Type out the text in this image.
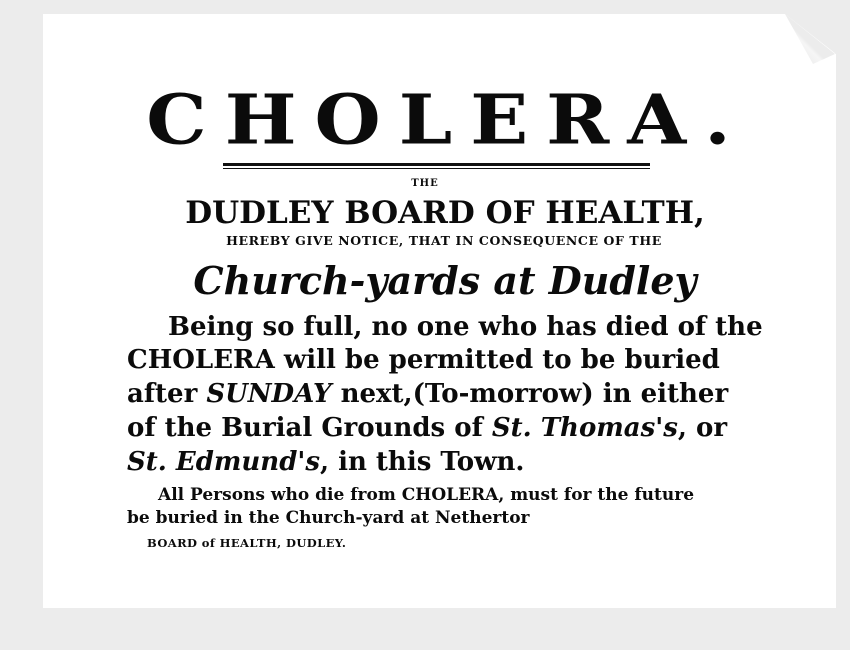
CHOLERA.
THE
DUDLEY BOARD OF HEALTH,
HEREBY GIVE NOTICE, THAT IN CONSEQUENCE OF THE
Church-yards at Dudley
Being so full, no one who has died of the
CHOLERA will be permitted to be buried
after SUNDAY next,(To-morrow) in either
of the Burial Grounds of St. Thomas's, or
St. Edmund's, in this Town.
All Persons who die from CHOLERA, must for the future
be buried in the Church-yard at Nethertor
BOARD of HEALTH, DUDLEY.
